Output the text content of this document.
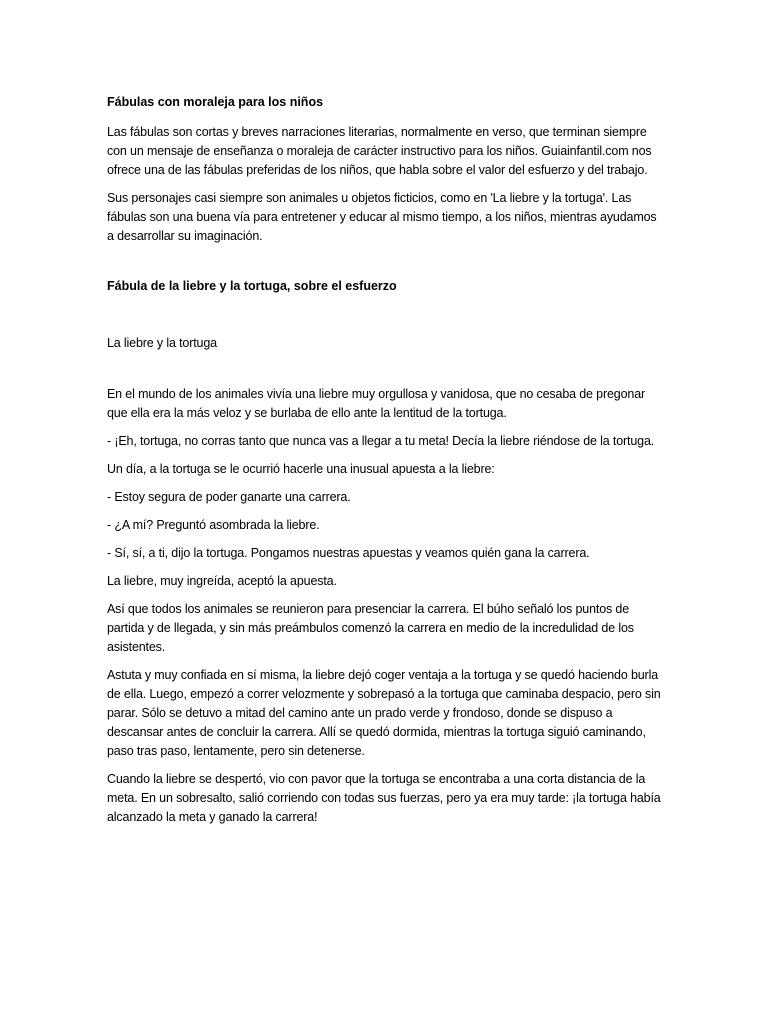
Fábulas con moraleja para los niños

Las fábulas son cortas y breves narraciones literarias, normalmente en verso, que terminan siempre con un mensaje de enseñanza o moraleja de carácter instructivo para los niños. Guiainfantil.com nos ofrece una de las fábulas preferidas de los niños, que habla sobre el valor del esfuerzo y del trabajo.

Sus personajes casi siempre son animales u objetos ficticios, como en 'La liebre y la tortuga'. Las fábulas son una buena vía para entretener y educar al mismo tiempo, a los niños, mientras ayudamos a desarrollar su imaginación.

Fábula de la liebre y la tortuga, sobre el esfuerzo

La liebre y la tortuga

En el mundo de los animales vivía una liebre muy orgullosa y vanidosa, que no cesaba de pregonar que ella era la más veloz y se burlaba de ello ante la lentitud de la tortuga.

- ¡Eh, tortuga, no corras tanto que nunca vas a llegar a tu meta! Decía la liebre riéndose de la tortuga.

Un día, a la tortuga se le ocurrió hacerle una inusual apuesta a la liebre:

- Estoy segura de poder ganarte una carrera.

- ¿A mí? Preguntó asombrada la liebre.

- Sí, sí, a ti, dijo la tortuga. Pongamos nuestras apuestas y veamos quién gana la carrera.

La liebre, muy ingreída, aceptó la apuesta.

Así que todos los animales se reunieron para presenciar la carrera. El búho señaló los puntos de partida y de llegada, y sin más preámbulos comenzó la carrera en medio de la incredulidad de los asistentes.

Astuta y muy confiada en sí misma, la liebre dejó coger ventaja a la tortuga y se quedó haciendo burla de ella. Luego, empezó a correr velozmente y sobrepasó a la tortuga que caminaba despacio, pero sin parar. Sólo se detuvo a mitad del camino ante un prado verde y frondoso, donde se dispuso a descansar antes de concluir la carrera. Allí se quedó dormida, mientras la tortuga siguió caminando, paso tras paso, lentamente, pero sin detenerse.

Cuando la liebre se despertó, vio con pavor que la tortuga se encontraba a una corta distancia de la meta. En un sobresalto, salió corriendo con todas sus fuerzas, pero ya era muy tarde: ¡la tortuga había alcanzado la meta y ganado la carrera!
